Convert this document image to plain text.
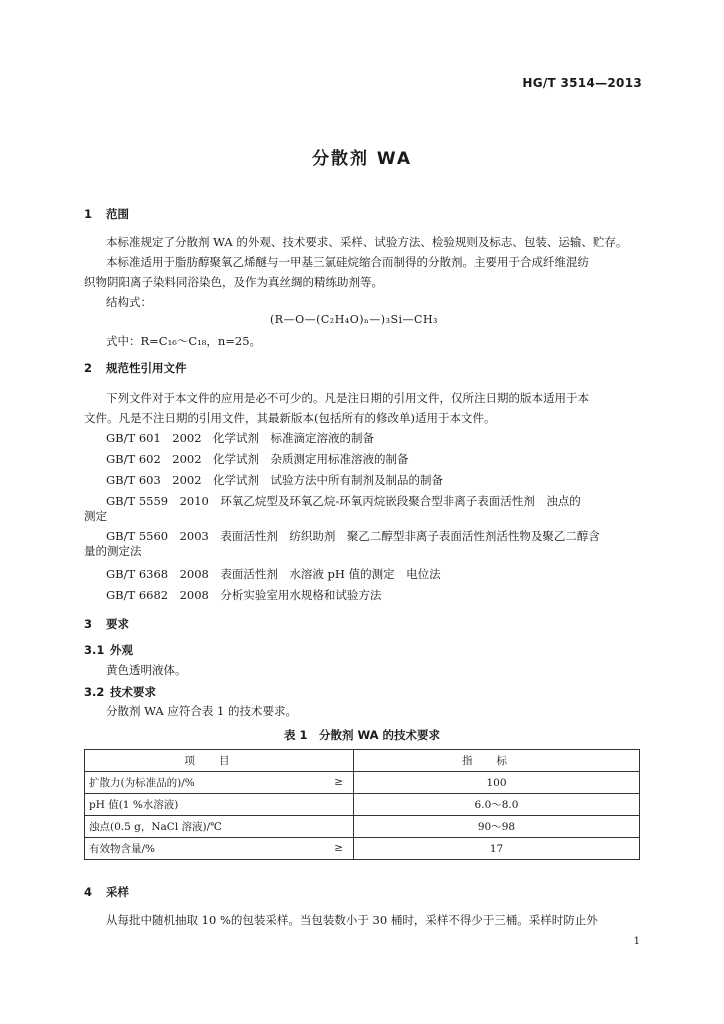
HG/T 3514—2013
分散剂 WA
1 范围
本标准规定了分散剂 WA 的外观、技术要求、采样、试验方法、检验规则及标志、包装、运输、贮存。
本标准适用于脂肪醇聚氧乙烯醚与一甲基三氯硅烷缩合而制得的分散剂。主要用于合成纤维混纺
织物阴阳离子染料同浴染色，及作为真丝绸的精练助剂等。
结构式：
(R—O—(C₂H₄O)ₙ—)₃Si—CH₃
式中：R=C₁₆～C₁₈，n=25。
2 规范性引用文件
下列文件对于本文件的应用是必不可少的。凡是注日期的引用文件，仅所注日期的版本适用于本
文件。凡是不注日期的引用文件，其最新版本(包括所有的修改单)适用于本文件。
GB/T 601　2002　化学试剂　标准滴定溶液的制备
GB/T 602　2002　化学试剂　杂质测定用标准溶液的制备
GB/T 603　2002　化学试剂　试验方法中所有制剂及制品的制备
GB/T 5559　2010　环氧乙烷型及环氧乙烷-环氧丙烷嵌段聚合型非离子表面活性剂　浊点的
测定
GB/T 5560　2003　表面活性剂　纺织助剂　聚乙二醇型非离子表面活性剂活性物及聚乙二醇含
量的测定法
GB/T 6368　2008　表面活性剂　水溶液 pH 值的测定　电位法
GB/T 6682　2008　分析实验室用水规格和试验方法
3 要求
3.1 外观
黄色透明液体。
3.2 技术要求
分散剂 WA 应符合表 1 的技术要求。
表 1　分散剂 WA 的技术要求
项目	指标
扩散力(为标准品的)/% ≥	100
pH 值(1 %水溶液)	6.0～8.0
浊点(0.5 g，NaCl 溶液)/℃	90～98
有效物含量/% ≥	17
4 采样
从每批中随机抽取 10 %的包装采样。当包装数小于 30 桶时，采样不得少于三桶。采样时防止外
1
